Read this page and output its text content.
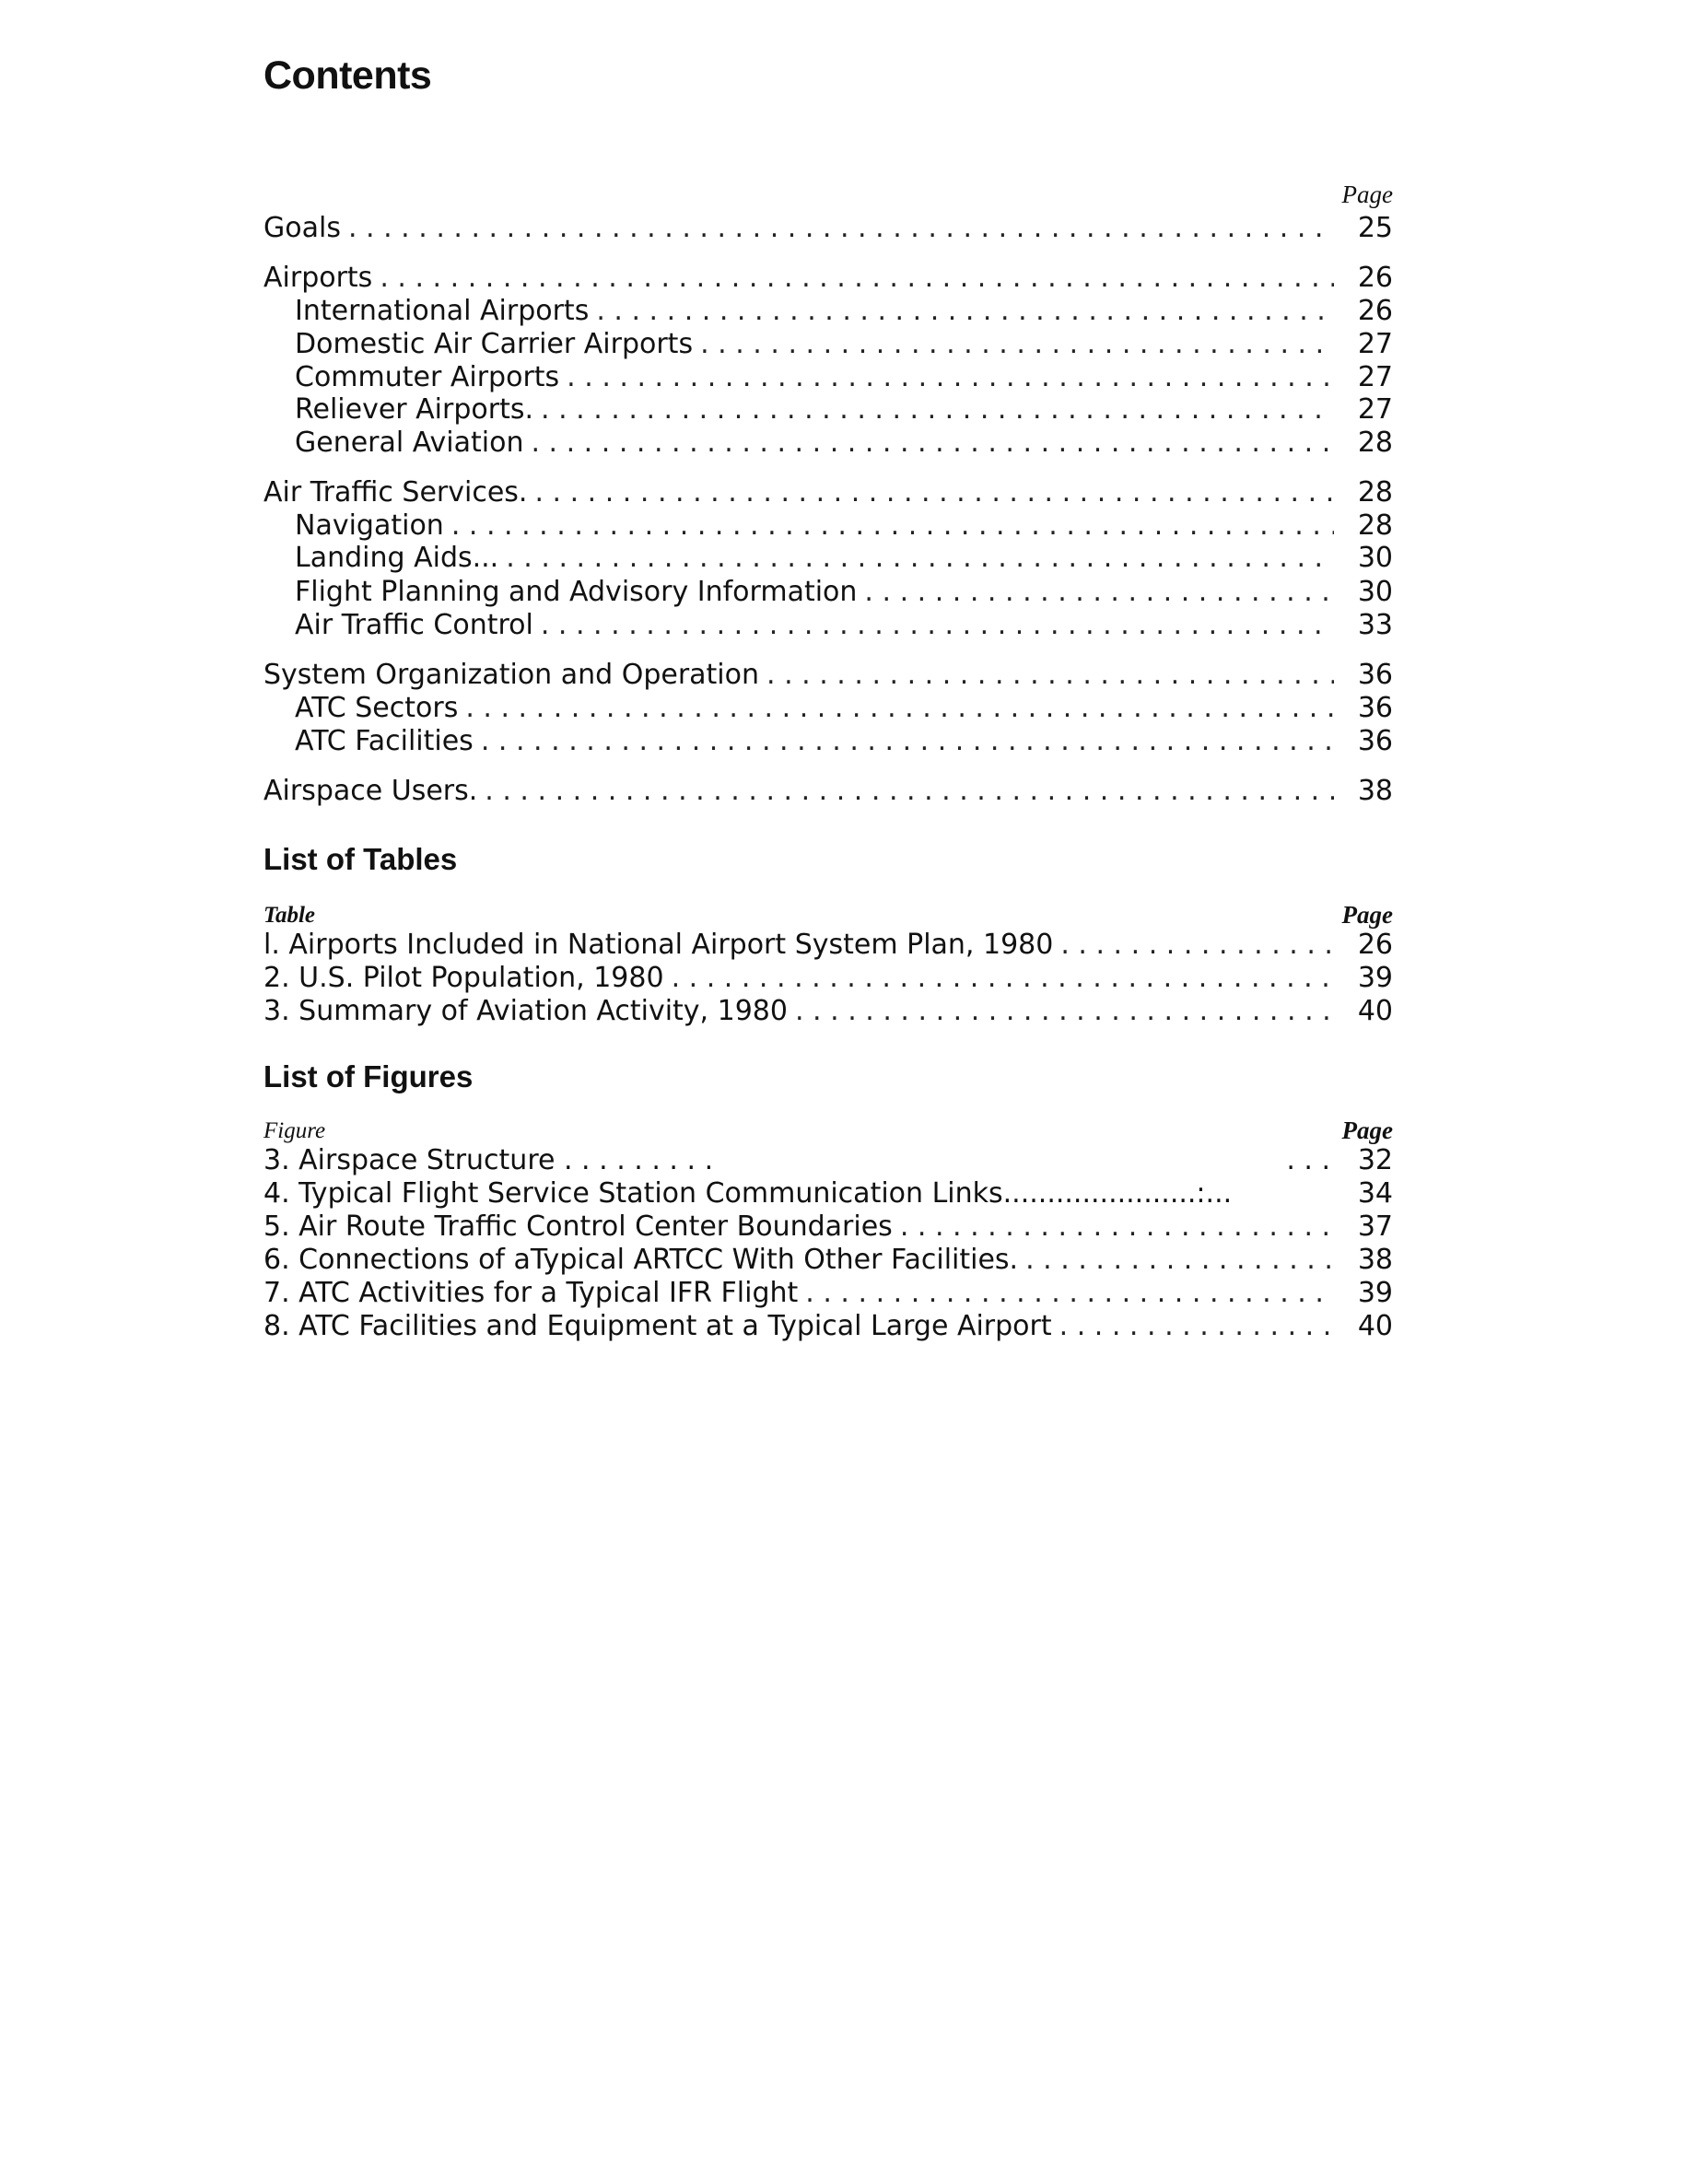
Contents
Page
Goals . . .	25
Airports . . .	26
International Airports . . .	26
Domestic Air Carrier Airports . . .	27
Commuter Airports . . .	27
Reliever Airports. . . .	27
General Aviation . . .	28
Air Traffic Services. . . .	28
Navigation . . .	28
Landing Aids... . . .	30
Flight Planning and Advisory Information . . .	30
Air Traffic Control . . .	33
System Organization and Operation . . .	36
ATC Sectors . . .	36
ATC Facilities . . .	36
Airspace Users. . . .	38
List of Tables
Table	Page
l. Airports Included in National Airport System Plan, 1980 . . .	26
2. U.S. Pilot Population, 1980 . . .	39
3. Summary of Aviation Activity, 1980 . . .	40
List of Figures
Figure	Page
3. Airspace Structure . . . . . . . . .	. . . 32
4. Typical Flight Service Station Communication Links......................:...	34
5. Air Route Traffic Control Center Boundaries . . .	37
6. Connections of aTypical ARTCC With Other Facilities. . . .	38
7. ATC Activities for a Typical IFR Flight . . .	39
8. ATC Facilities and Equipment at a Typical Large Airport . . .	40
